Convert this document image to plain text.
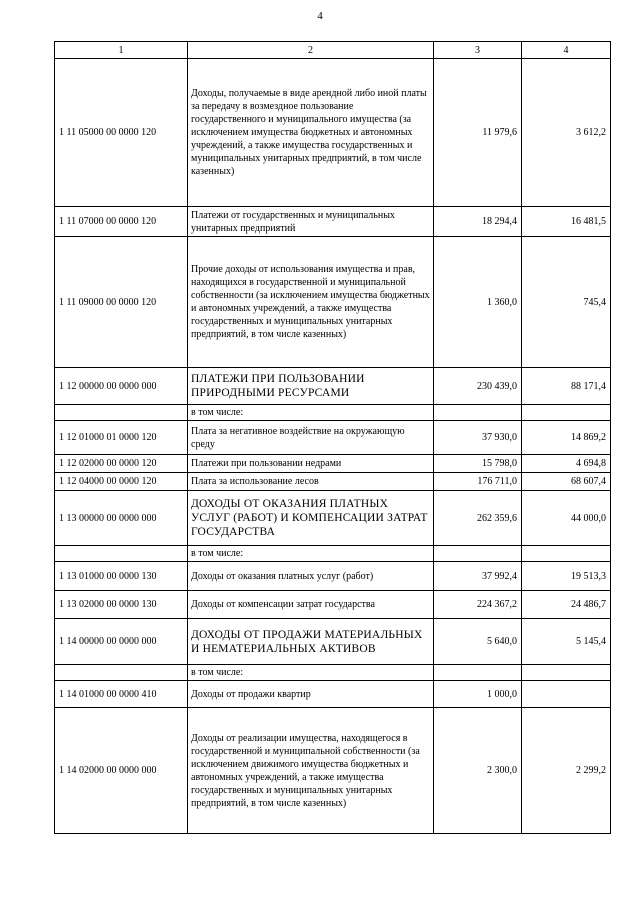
4
1	2	3	4
1 11 05000 00 0000 120	Доходы, получаемые в виде арендной либо иной платы за передачу в возмездное пользование государственного и муниципального имущества (за исключением имущества бюджетных и автономных учреждений, а также имущества государственных и муниципальных унитарных предприятий, в том числе казенных)	11 979,6	3 612,2
1 11 07000 00 0000 120	Платежи от государственных и муниципальных унитарных предприятий	18 294,4	16 481,5
1 11 09000 00 0000 120	Прочие доходы от использования имущества и прав, находящихся в государственной и муниципальной собственности (за исключением имущества бюджетных и автономных учреждений, а также имущества государственных и муниципальных унитарных предприятий, в том числе казенных)	1 360,0	745,4
1 12 00000 00 0000 000	ПЛАТЕЖИ ПРИ ПОЛЬЗОВАНИИ ПРИРОДНЫМИ РЕСУРСАМИ	230 439,0	88 171,4
	в том числе:		
1 12 01000 01 0000 120	Плата за негативное воздействие на окружающую среду	37 930,0	14 869,2
1 12 02000 00 0000 120	Платежи при пользовании недрами	15 798,0	4 694,8
1 12 04000 00 0000 120	Плата за использование лесов	176 711,0	68 607,4
1 13 00000 00 0000 000	ДОХОДЫ ОТ ОКАЗАНИЯ ПЛАТНЫХ УСЛУГ (РАБОТ) И КОМПЕНСАЦИИ ЗАТРАТ ГОСУДАРСТВА	262 359,6	44 000,0
	в том числе:		
1 13 01000 00 0000 130	Доходы от оказания платных услуг (работ)	37 992,4	19 513,3
1 13 02000 00 0000 130	Доходы от компенсации затрат государства	224 367,2	24 486,7
1 14 00000 00 0000 000	ДОХОДЫ ОТ ПРОДАЖИ МАТЕРИАЛЬНЫХ И НЕМАТЕРИАЛЬНЫХ АКТИВОВ	5 640,0	5 145,4
	в том числе:		
1 14 01000 00 0000 410	Доходы от продажи квартир	1 000,0	
1 14 02000 00 0000 000	Доходы от реализации имущества, находящегося в государственной и муниципальной собственности (за исключением движимого имущества бюджетных и автономных учреждений, а также имущества государственных и муниципальных унитарных предприятий, в том числе казенных)	2 300,0	2 299,2
